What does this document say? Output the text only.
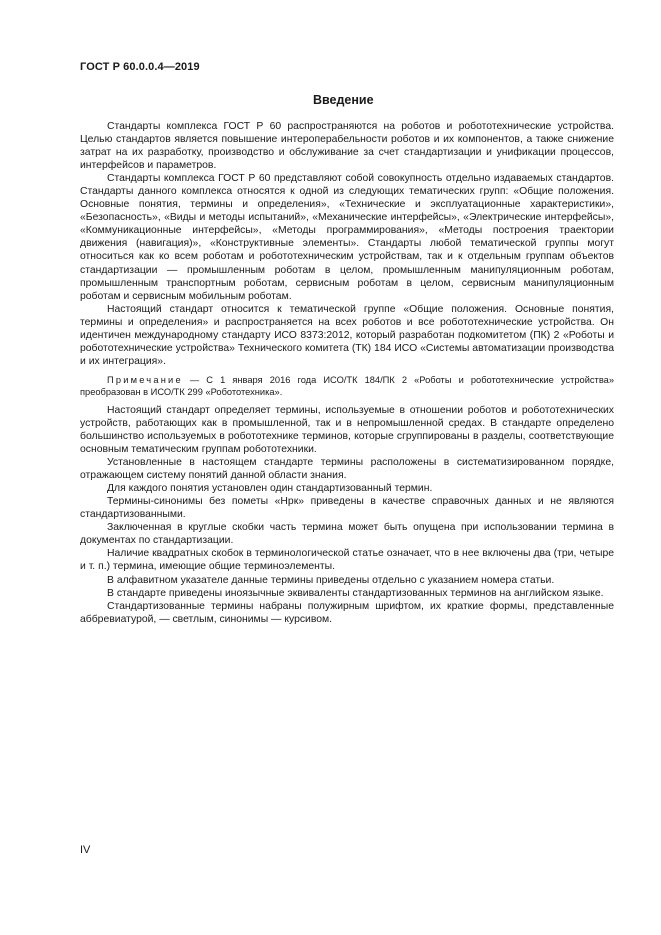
ГОСТ Р 60.0.0.4—2019
Введение

Стандарты комплекса ГОСТ Р 60 распространяются на роботов и робототехнические устройства. Целью стандартов является повышение интероперабельности роботов и их компонентов, а также снижение затрат на их разработку, производство и обслуживание за счет стандартизации и унификации процессов, интерфейсов и параметров.

Стандарты комплекса ГОСТ Р 60 представляют собой совокупность отдельно издаваемых стандартов. Стандарты данного комплекса относятся к одной из следующих тематических групп: «Общие положения. Основные понятия, термины и определения», «Технические и эксплуатационные характеристики», «Безопасность», «Виды и методы испытаний», «Механические интерфейсы», «Электрические интерфейсы», «Коммуникационные интерфейсы», «Методы программирования», «Методы построения траектории движения (навигация)», «Конструктивные элементы». Стандарты любой тематической группы могут относиться как ко всем роботам и робототехническим устройствам, так и к отдельным группам объектов стандартизации — промышленным роботам в целом, промышленным манипуляционным роботам, промышленным транспортным роботам, сервисным роботам в целом, сервисным манипуляционным роботам и сервисным мобильным роботам.

Настоящий стандарт относится к тематической группе «Общие положения. Основные понятия, термины и определения» и распространяется на всех роботов и все робототехнические устройства. Он идентичен международному стандарту ИСО 8373:2012, который разработан подкомитетом (ПК) 2 «Роботы и робототехнические устройства» Технического комитета (ТК) 184 ИСО «Системы автоматизации производства и их интеграция».

Примечание — С 1 января 2016 года ИСО/ТК 184/ПК 2 «Роботы и робототехнические устройства» преобразован в ИСО/ТК 299 «Робототехника».

Настоящий стандарт определяет термины, используемые в отношении роботов и робототехнических устройств, работающих как в промышленной, так и в непромышленной средах. В стандарте определено большинство используемых в робототехнике терминов, которые сгруппированы в разделы, соответствующие основным тематическим группам робототехники.

Установленные в настоящем стандарте термины расположены в систематизированном порядке, отражающем систему понятий данной области знания.

Для каждого понятия установлен один стандартизованный термин.

Термины-синонимы без пометы «Нрк» приведены в качестве справочных данных и не являются стандартизованными.

Заключенная в круглые скобки часть термина может быть опущена при использовании термина в документах по стандартизации.

Наличие квадратных скобок в терминологической статье означает, что в нее включены два (три, четыре и т. п.) термина, имеющие общие терминоэлементы.

В алфавитном указателе данные термины приведены отдельно с указанием номера статьи.

В стандарте приведены иноязычные эквиваленты стандартизованных терминов на английском языке.

Стандартизованные термины набраны полужирным шрифтом, их краткие формы, представленные аббревиатурой, — светлым, синонимы — курсивом.

IV
